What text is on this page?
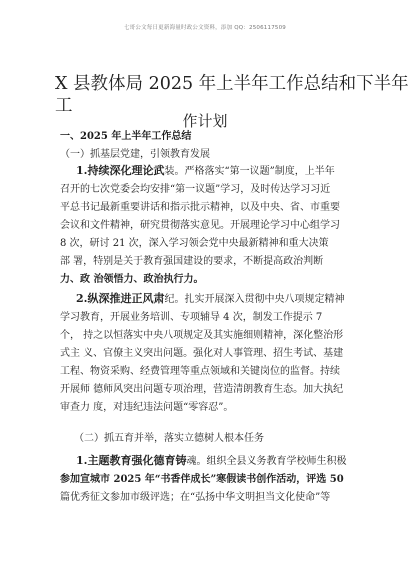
七哥公文每日更新海量时政公文资料，添加 QQ：2506117509
X 县教体局 2025 年上半年工作总结和下半年
工
作计划
一、2025 年上半年工作总结
（一）抓基层党建，引领教育发展
1.持续深化理论武装。严格落实“第一议题”制度，上半年
召开的七次党委会均安排“第一议题”学习，及时传达学习习近
平总书记最新重要讲话和指示批示精神，以及中央、省、市重要
会议和文件精神，研究贯彻落实意见。开展理论学习中心组学习
8 次，研讨 21 次，深入学习领会党中央最新精神和重大决策
部 署，特别是关于教育强国建设的要求，不断提高政治判断
力、政 治领悟力、政治执行力。
2.纵深推进正风肃纪。扎实开展深入贯彻中央八项规定精神
学习教育，开展业务培训、专项辅导 4 次，制发工作提示 7
个， 持之以恒落实中央八项规定及其实施细则精神，深化整治形
式主 义、官僚主义突出问题。强化对人事管理、招生考试、基建
工程、物资采购、经费管理等重点领域和关键岗位的监督。持续
开展师 德师风突出问题专项治理，营造清朗教育生态。加大执纪
审查力 度，对违纪违法问题“零容忍”。
（二）抓五育并举，落实立德树人根本任务
1.主题教育强化德育铸魂。组织全县义务教育学校师生积极
参加宣城市 2025 年“书香伴成长”寒假读书创作活动，评选 50
篇优秀征文参加市级评选；在“弘扬中华文明担当文化使命”等
